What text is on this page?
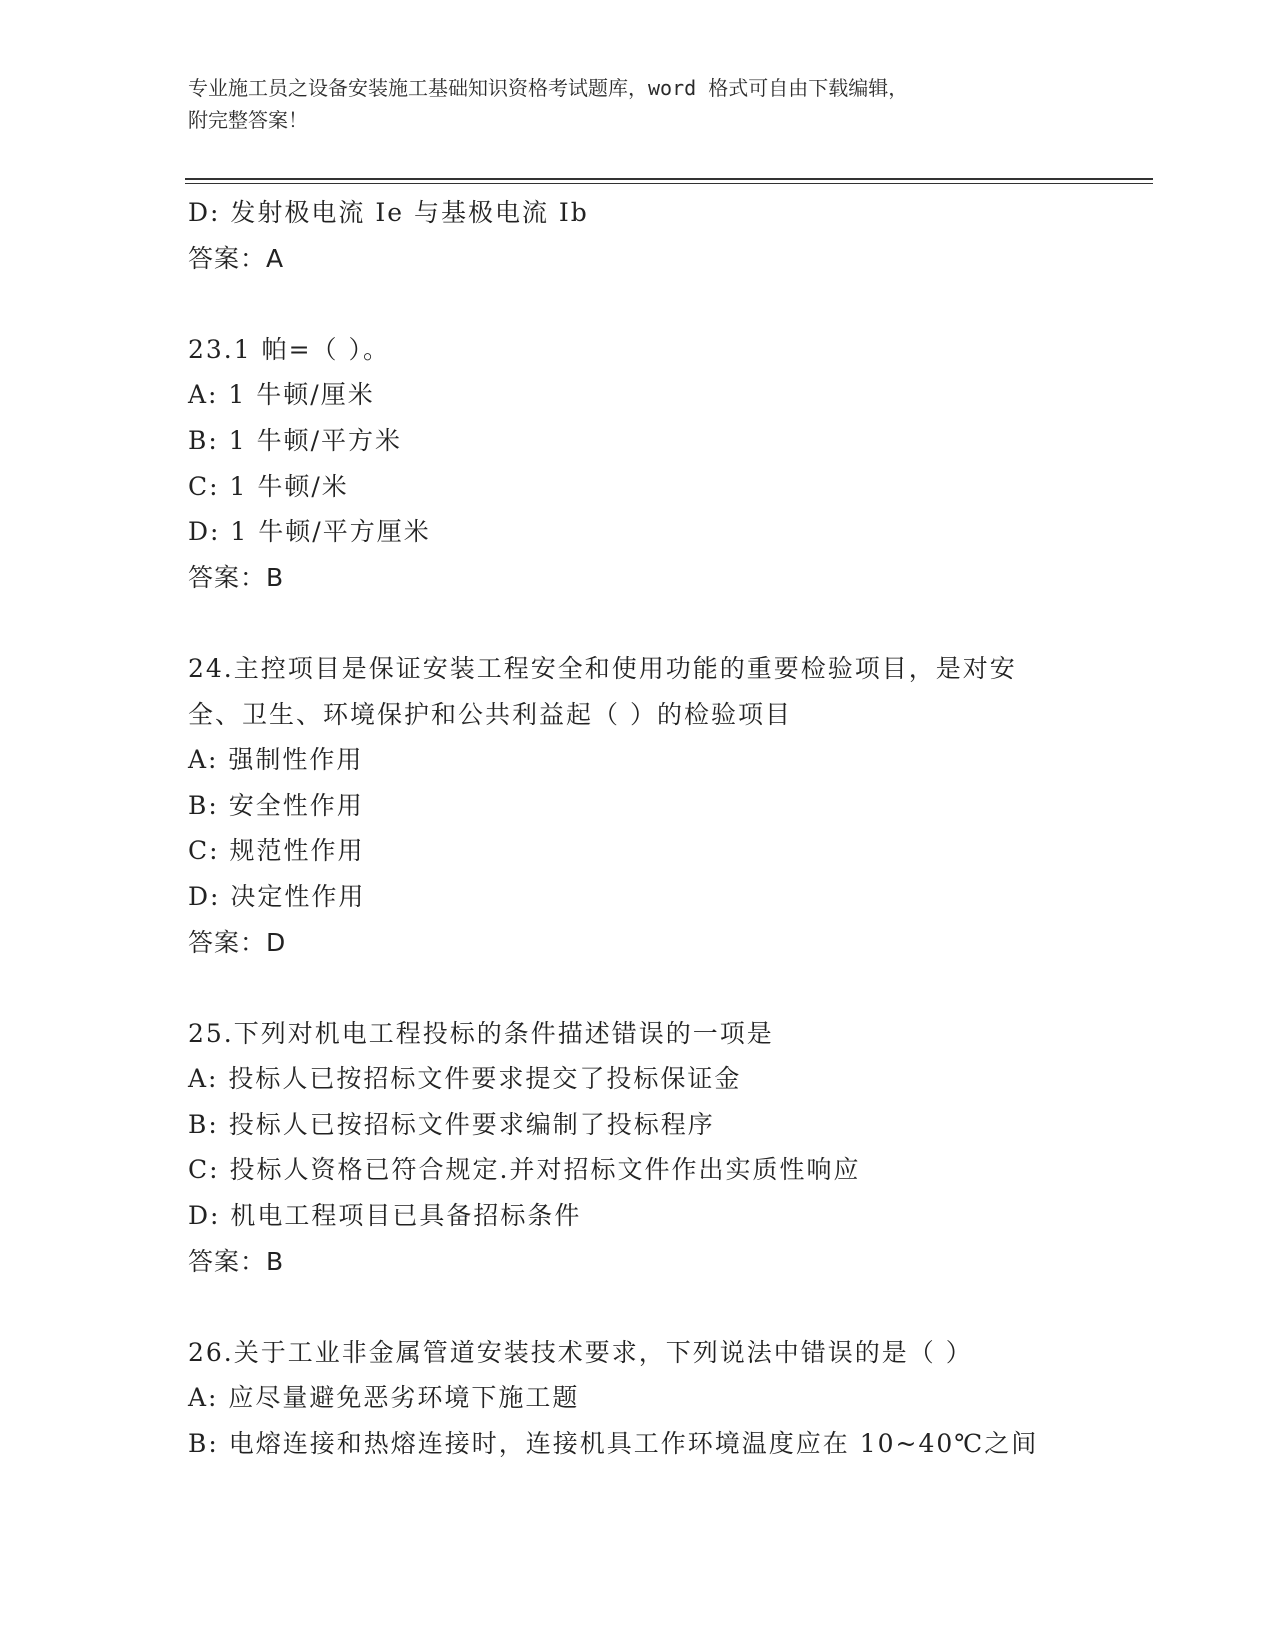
专业施工员之设备安装施工基础知识资格考试题库，word 格式可自由下载编辑，
附完整答案！
D: 发射极电流 Ie 与基极电流 Ib
答案：A
23.1 帕=（ ）。
A: 1 牛顿/厘米
B: 1 牛顿/平方米
C: 1 牛顿/米
D: 1 牛顿/平方厘米
答案：B
24.主控项目是保证安装工程安全和使用功能的重要检验项目，是对安
全、卫生、环境保护和公共利益起（ ）的检验项目
A: 强制性作用
B: 安全性作用
C: 规范性作用
D: 决定性作用
答案：D
25.下列对机电工程投标的条件描述错误的一项是
A: 投标人已按招标文件要求提交了投标保证金
B: 投标人已按招标文件要求编制了投标程序
C: 投标人资格已符合规定.并对招标文件作出实质性响应
D: 机电工程项目已具备招标条件
答案：B
26.关于工业非金属管道安装技术要求，下列说法中错误的是（ ）
A: 应尽量避免恶劣环境下施工题
B: 电熔连接和热熔连接时，连接机具工作环境温度应在 10~40℃之间
